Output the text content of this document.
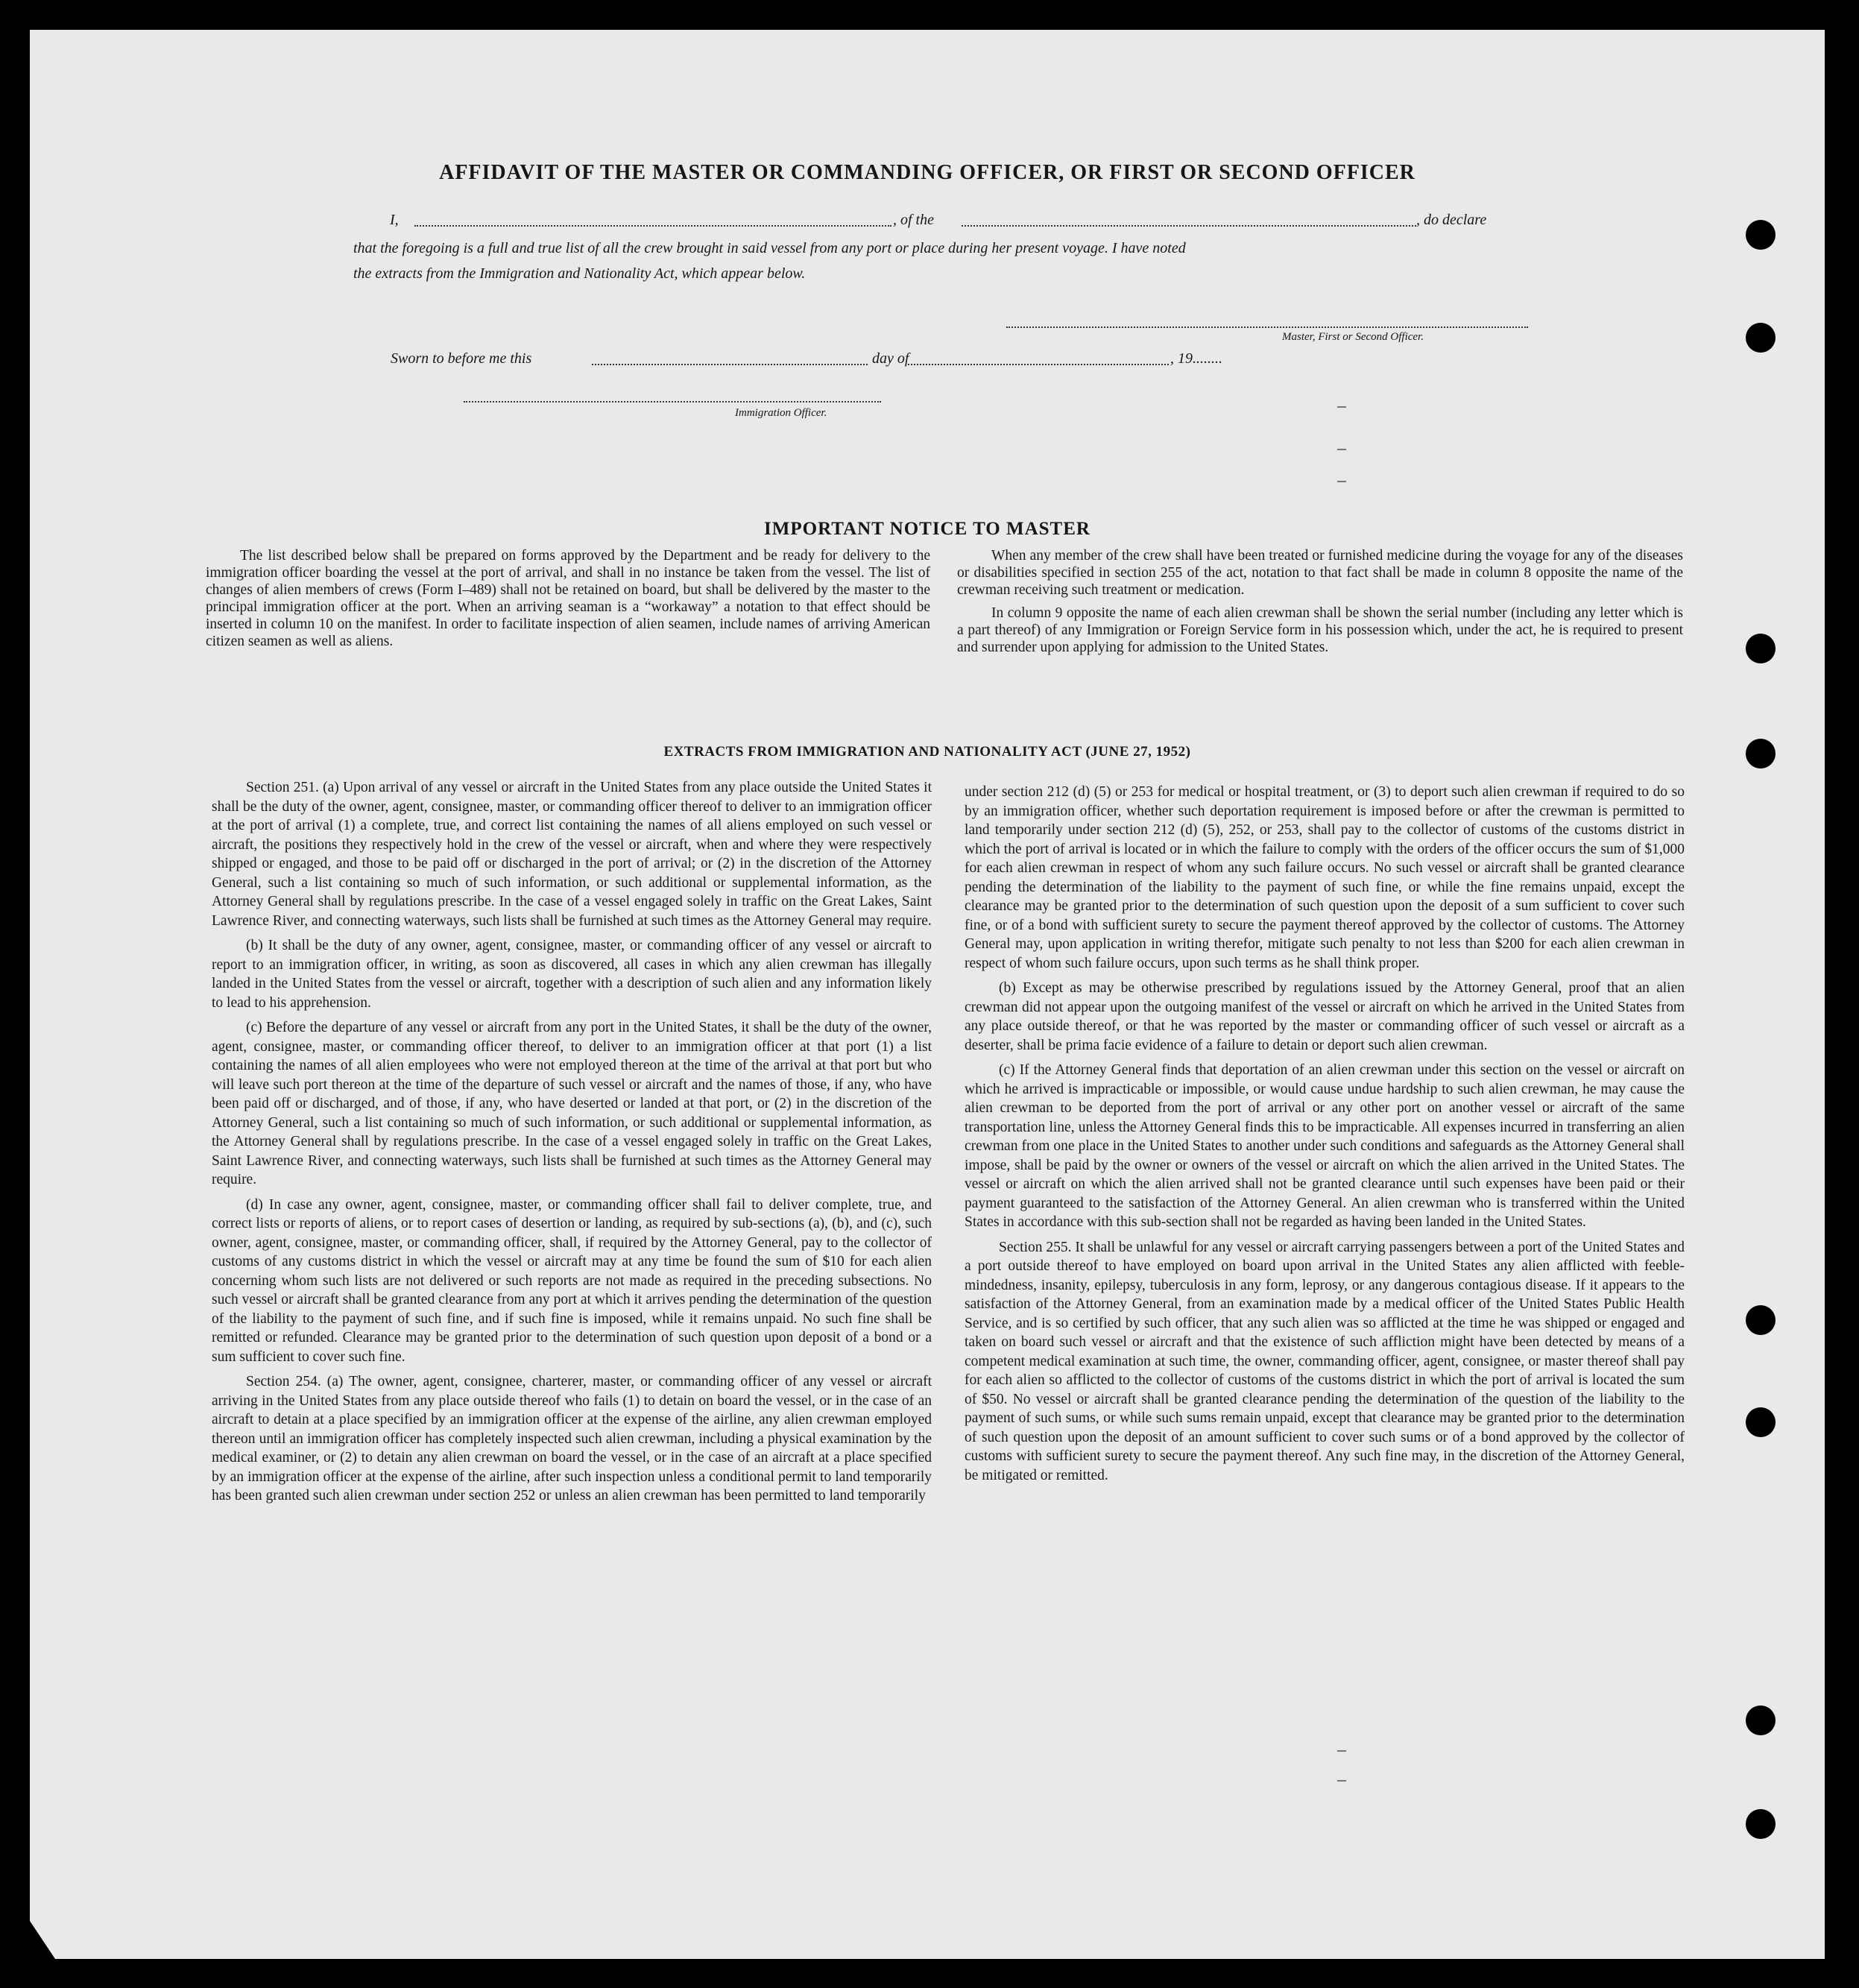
AFFIDAVIT OF THE MASTER OR COMMANDING OFFICER, OR FIRST OR SECOND OFFICER
I,	, of the	, do declare
that the foregoing is a full and true list of all the crew brought in said vessel from any port or place during her present voyage. I have noted
the extracts from the Immigration and Nationality Act, which appear below.
Master, First or Second Officer.
Sworn to before me this	day of	, 19........
Immigration Officer.
IMPORTANT NOTICE TO MASTER

The list described below shall be prepared on forms approved by the Department and be ready for delivery to the immigration officer boarding the vessel at the port of arrival, and shall in no instance be taken from the vessel. The list of changes of alien members of crews (Form I–489) shall not be retained on board, but shall be delivered by the master to the principal immigration officer at the port. When an arriving seaman is a “workaway” a notation to that effect should be inserted in column 10 on the manifest. In order to facilitate inspection of alien seamen, include names of arriving American citizen seamen as well as aliens.

When any member of the crew shall have been treated or furnished medicine during the voyage for any of the diseases or disabilities specified in section 255 of the act, notation to that fact shall be made in column 8 opposite the name of the crewman receiving such treatment or medication.

In column 9 opposite the name of each alien crewman shall be shown the serial number (including any letter which is a part thereof) of any Immigration or Foreign Service form in his possession which, under the act, he is required to present and surrender upon applying for admission to the United States.

EXTRACTS FROM IMMIGRATION AND NATIONALITY ACT (JUNE 27, 1952)

Section 251. (a) Upon arrival of any vessel or aircraft in the United States from any place outside the United States it shall be the duty of the owner, agent, consignee, master, or commanding officer thereof to deliver to an immigration officer at the port of arrival (1) a complete, true, and correct list containing the names of all aliens employed on such vessel or aircraft, the positions they respectively hold in the crew of the vessel or aircraft, when and where they were respectively shipped or engaged, and those to be paid off or discharged in the port of arrival; or (2) in the discretion of the Attorney General, such a list containing so much of such information, or such additional or supplemental information, as the Attorney General shall by regulations prescribe. In the case of a vessel engaged solely in traffic on the Great Lakes, Saint Lawrence River, and connecting waterways, such lists shall be furnished at such times as the Attorney General may require.

(b) It shall be the duty of any owner, agent, consignee, master, or commanding officer of any vessel or aircraft to report to an immigration officer, in writing, as soon as discovered, all cases in which any alien crewman has illegally landed in the United States from the vessel or aircraft, together with a description of such alien and any information likely to lead to his apprehension.

(c) Before the departure of any vessel or aircraft from any port in the United States, it shall be the duty of the owner, agent, consignee, master, or commanding officer thereof, to deliver to an immigration officer at that port (1) a list containing the names of all alien employees who were not employed thereon at the time of the arrival at that port but who will leave such port thereon at the time of the departure of such vessel or aircraft and the names of those, if any, who have been paid off or discharged, and of those, if any, who have deserted or landed at that port, or (2) in the discretion of the Attorney General, such a list containing so much of such information, or such additional or supplemental information, as the Attorney General shall by regulations prescribe. In the case of a vessel engaged solely in traffic on the Great Lakes, Saint Lawrence River, and connecting waterways, such lists shall be furnished at such times as the Attorney General may require.

(d) In case any owner, agent, consignee, master, or commanding officer shall fail to deliver complete, true, and correct lists or reports of aliens, or to report cases of desertion or landing, as required by sub-sections (a), (b), and (c), such owner, agent, consignee, master, or commanding officer, shall, if required by the Attorney General, pay to the collector of customs of any customs district in which the vessel or aircraft may at any time be found the sum of $10 for each alien concerning whom such lists are not delivered or such reports are not made as required in the preceding subsections. No such vessel or aircraft shall be granted clearance from any port at which it arrives pending the determination of the question of the liability to the payment of such fine, and if such fine is imposed, while it remains unpaid. No such fine shall be remitted or refunded. Clearance may be granted prior to the determination of such question upon deposit of a bond or a sum sufficient to cover such fine.

Section 254. (a) The owner, agent, consignee, charterer, master, or commanding officer of any vessel or aircraft arriving in the United States from any place outside thereof who fails (1) to detain on board the vessel, or in the case of an aircraft to detain at a place specified by an immigration officer at the expense of the airline, any alien crewman employed thereon until an immigration officer has completely inspected such alien crewman, including a physical examination by the medical examiner, or (2) to detain any alien crewman on board the vessel, or in the case of an aircraft at a place specified by an immigration officer at the expense of the airline, after such inspection unless a conditional permit to land temporarily has been granted such alien crewman under section 252 or unless an alien crewman has been permitted to land temporarily

under section 212 (d) (5) or 253 for medical or hospital treatment, or (3) to deport such alien crewman if required to do so by an immigration officer, whether such deportation requirement is imposed before or after the crewman is permitted to land temporarily under section 212 (d) (5), 252, or 253, shall pay to the collector of customs of the customs district in which the port of arrival is located or in which the failure to comply with the orders of the officer occurs the sum of $1,000 for each alien crewman in respect of whom any such failure occurs. No such vessel or aircraft shall be granted clearance pending the determination of the liability to the payment of such fine, or while the fine remains unpaid, except the clearance may be granted prior to the determination of such question upon the deposit of a sum sufficient to cover such fine, or of a bond with sufficient surety to secure the payment thereof approved by the collector of customs. The Attorney General may, upon application in writing therefor, mitigate such penalty to not less than $200 for each alien crewman in respect of whom such failure occurs, upon such terms as he shall think proper.

(b) Except as may be otherwise prescribed by regulations issued by the Attorney General, proof that an alien crewman did not appear upon the outgoing manifest of the vessel or aircraft on which he arrived in the United States from any place outside thereof, or that he was reported by the master or commanding officer of such vessel or aircraft as a deserter, shall be prima facie evidence of a failure to detain or deport such alien crewman.

(c) If the Attorney General finds that deportation of an alien crewman under this section on the vessel or aircraft on which he arrived is impracticable or impossible, or would cause undue hardship to such alien crewman, he may cause the alien crewman to be deported from the port of arrival or any other port on another vessel or aircraft of the same transportation line, unless the Attorney General finds this to be impracticable. All expenses incurred in transferring an alien crewman from one place in the United States to another under such conditions and safeguards as the Attorney General shall impose, shall be paid by the owner or owners of the vessel or aircraft on which the alien arrived in the United States. The vessel or aircraft on which the alien arrived shall not be granted clearance until such expenses have been paid or their payment guaranteed to the satisfaction of the Attorney General. An alien crewman who is transferred within the United States in accordance with this sub-section shall not be regarded as having been landed in the United States.

Section 255. It shall be unlawful for any vessel or aircraft carrying passengers between a port of the United States and a port outside thereof to have employed on board upon arrival in the United States any alien afflicted with feeble-mindedness, insanity, epilepsy, tuberculosis in any form, leprosy, or any dangerous contagious disease. If it appears to the satisfaction of the Attorney General, from an examination made by a medical officer of the United States Public Health Service, and is so certified by such officer, that any such alien was so afflicted at the time he was shipped or engaged and taken on board such vessel or aircraft and that the existence of such affliction might have been detected by means of a competent medical examination at such time, the owner, commanding officer, agent, consignee, or master thereof shall pay for each alien so afflicted to the collector of customs of the customs district in which the port of arrival is located the sum of $50. No vessel or aircraft shall be granted clearance pending the determination of the question of the liability to the payment of such sums, or while such sums remain unpaid, except that clearance may be granted prior to the determination of such question upon the deposit of an amount sufficient to cover such sums or of a bond approved by the collector of customs with sufficient surety to secure the payment thereof. Any such fine may, in the discretion of the Attorney General, be mitigated or remitted.
